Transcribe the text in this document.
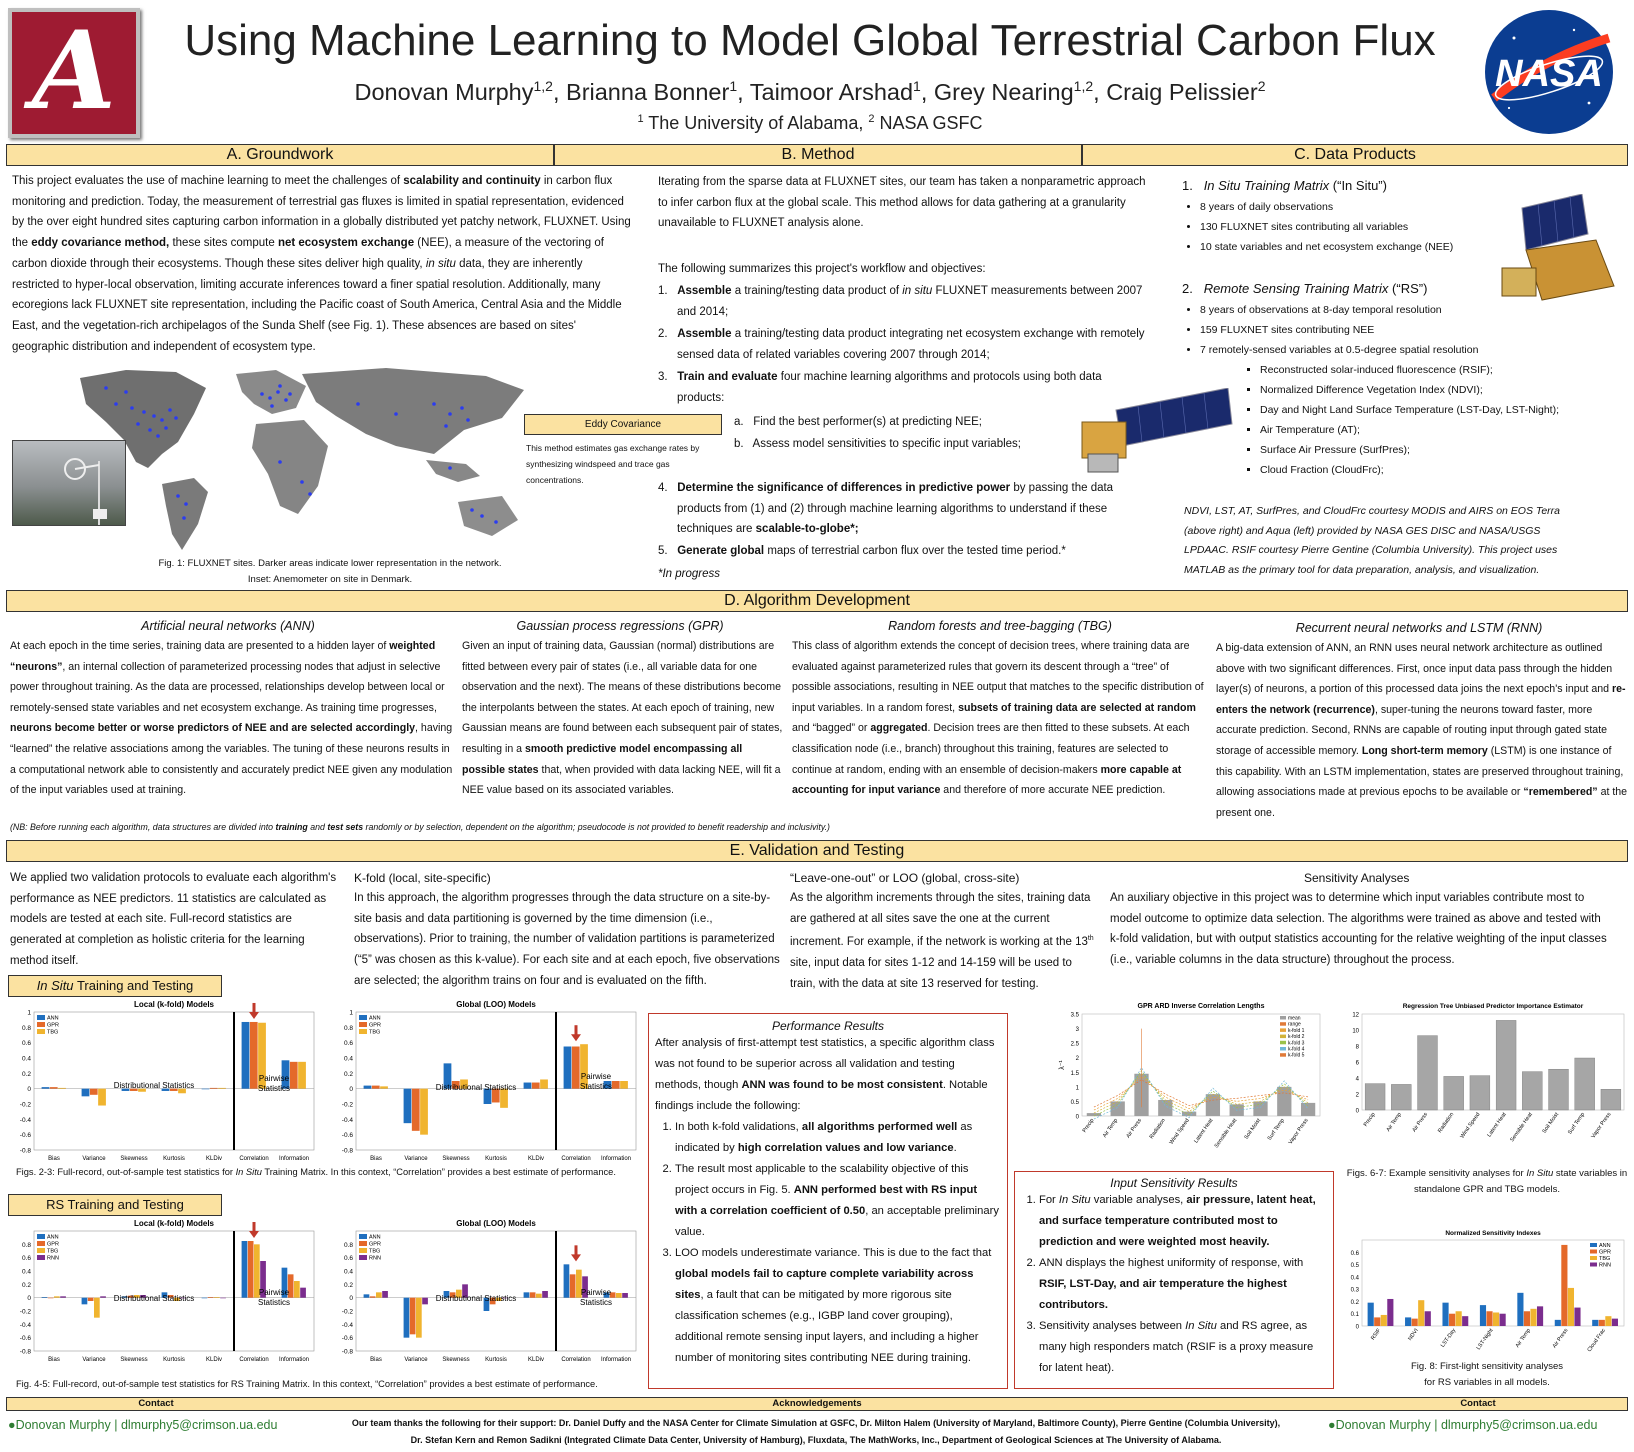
A	Using Machine Learning to Model Global Terrestrial Carbon Flux
Donovan Murphy$^{1,2}$, Brianna Bonner$^1$, Taimoor Arshad$^1$, Grey Nearing$^{1,2}$, Craig Pelissier$^2$
$^1$ The University of Alabama, $^2$ NASA GSFC
NASA
A. Groundwork	B. Method	C. Data Products
This project evaluates the use of machine learning to meet the challenges of scalability and continuity in carbon flux monitoring and prediction. Today, the measurement of terrestrial gas fluxes is limited in spatial representation, evidenced by the over eight hundred sites capturing carbon information in a globally distributed yet patchy network, FLUXNET. Using the eddy covariance method, these sites compute net ecosystem exchange (NEE), a measure of the vectoring of carbon dioxide through their ecosystems. Though these sites deliver high quality, in situ data, they are inherently restricted to hyper-local observation, limiting accurate inferences toward a finer spatial resolution. Additionally, many ecoregions lack FLUXNET site representation, including the Pacific coast of South America, Central Asia and the Middle East, and the vegetation-rich archipelagos of the Sunda Shelf (see Fig. 1). These absences are based on sites' geographic distribution and independent of ecosystem type.
Fig. 1: FLUXNET sites. Darker areas indicate lower representation in the network.
Inset: Anemometer on site in Denmark.
Eddy Covariance
This method estimates gas exchange rates by synthesizing windspeed and trace gas concentrations.
Iterating from the sparse data at FLUXNET sites, our team has taken a nonparametric approach to infer carbon flux at the global scale. This method allows for data gathering at a granularity unavailable to FLUXNET analysis alone.
The following summarizes this project's workflow and objectives:
1.   Assemble a training/testing data product of in situ FLUXNET measurements between 2007 and 2014;
2.   Assemble a training/testing data product integrating net ecosystem exchange with remotely sensed data of related variables covering 2007 through 2014;
3.   Train and evaluate four machine learning algorithms and protocols using both data products:
a.   Find the best performer(s) at predicting NEE;
b.   Assess model sensitivities to specific input variables;
4.   Determine the significance of differences in predictive power by passing the data products from (1) and (2) through machine learning algorithms to understand if these techniques are scalable-to-globe*;
5.   Generate global maps of terrestrial carbon flux over the tested time period.*
*In progress
1.   In Situ Training Matrix (“In Situ”)
• 8 years of daily observations
• 130 FLUXNET sites contributing all variables
• 10 state variables and net ecosystem exchange (NEE)
2.   Remote Sensing Training Matrix (“RS”)
• 8 years of observations at 8-day temporal resolution
• 159 FLUXNET sites contributing NEE
• 7 remotely-sensed variables at 0.5-degree spatial resolution
▪ Reconstructed solar-induced fluorescence (RSIF);
▪ Normalized Difference Vegetation Index (NDVI);
▪ Day and Night Land Surface Temperature (LST-Day, LST-Night);
▪ Air Temperature (AT);
▪ Surface Air Pressure (SurfPres);
▪ Cloud Fraction (CloudFrc);
NDVI, LST, AT, SurfPres, and CloudFrc courtesy MODIS and AIRS on EOS Terra (above right) and Aqua (left) provided by NASA GES DISC and NASA/USGS LPDAAC. RSIF courtesy Pierre Gentine (Columbia University). This project uses MATLAB as the primary tool for data preparation, analysis, and visualization.
D. Algorithm Development
Artificial neural networks (ANN)
At each epoch in the time series, training data are presented to a hidden layer of weighted “neurons”, an internal collection of parameterized processing nodes that adjust in selective power throughout training. As the data are processed, relationships develop between local or remotely-sensed state variables and net ecosystem exchange. As training time progresses, neurons become better or worse predictors of NEE and are selected accordingly, having “learned” the relative associations among the variables. The tuning of these neurons results in a computational network able to consistently and accurately predict NEE given any modulation of the input variables used at training.
Gaussian process regressions (GPR)
Given an input of training data, Gaussian (normal) distributions are fitted between every pair of states (i.e., all variable data for one observation and the next). The means of these distributions become the interpolants between the states. At each epoch of training, new Gaussian means are found between each subsequent pair of states, resulting in a smooth predictive model encompassing all possible states that, when provided with data lacking NEE, will fit a NEE value based on its associated variables.
Random forests and tree-bagging (TBG)
This class of algorithm extends the concept of decision trees, where training data are evaluated against parameterized rules that govern its descent through a “tree” of possible associations, resulting in NEE output that matches to the specific distribution of input variables. In a random forest, subsets of training data are selected at random and “bagged” or aggregated. Decision trees are then fitted to these subsets. At each classification node (i.e., branch) throughout this training, features are selected to continue at random, ending with an ensemble of decision-makers more capable at accounting for input variance and therefore of more accurate NEE prediction.
Recurrent neural networks and LSTM (RNN)
A big-data extension of ANN, an RNN uses neural network architecture as outlined above with two significant differences. First, once input data pass through the hidden layer(s) of neurons, a portion of this processed data joins the next epoch's input and re-enters the network (recurrence), super-tuning the neurons toward faster, more accurate prediction. Second, RNNs are capable of routing input through gated state storage of accessible memory. Long short-term memory (LSTM) is one instance of this capability. With an LSTM implementation, states are preserved throughout training, allowing associations made at previous epochs to be available or “remembered” at the present one.
(NB: Before running each algorithm, data structures are divided into training and test sets randomly or by selection, dependent on the algorithm; pseudocode is not provided to benefit readership and inclusivity.)
E. Validation and Testing
We applied two validation protocols to evaluate each algorithm's performance as NEE predictors. 11 statistics are calculated as models are tested at each site. Full-record statistics are generated at completion as holistic criteria for the learning method itself.
K-fold (local, site-specific)
In this approach, the algorithm progresses through the data structure on a site-by-site basis and data partitioning is governed by the time dimension (i.e., observations). Prior to training, the number of validation partitions is parameterized (“5” was chosen as this k-value). For each site and at each epoch, five observations are selected; the algorithm trains on four and is evaluated on the fifth.
“Leave-one-out” or LOO (global, cross-site)
As the algorithm increments through the sites, training data are gathered at all sites save the one at the current increment. For example, if the network is working at the 13th site, input data for sites 1-12 and 14-159 will be used to train, with the data at site 13 reserved for testing.
Sensitivity Analyses
An auxiliary objective in this project was to determine which input variables contribute most to model outcome to optimize data selection. The algorithms were trained as above and tested with k-fold validation, but with output statistics accounting for the relative weighting of the input classes (i.e., variable columns in the data structure) throughout the process.
In Situ Training and Testing
RS Training and Testing
Local (k-fold) Models
1
0.8
0.6
0.4
0.2
0
-0.2
-0.4
-0.6
-0.8
Bias	Variance Skewness	Kurtosis	KLDiv	Correlation Information
ANN
GPR
TBG
Distributional Statistics
Pairwise
Statistics
Global (LOO) Models
1
0.8
0.6
0.4
0.2
0
-0.2
-0.4
-0.6
-0.8
Bias	Variance Skewness	Kurtosis	KLDiv	Correlation Information
ANN
GPR
TBG
Distributional Statistics
Pairwise
Statistics
Local (k-fold) Models
0.8
0.6
0.4
0.2
0
-0.2
-0.4
-0.6
-0.8
Bias	Variance Skewness	Kurtosis	KLDiv	Correlation Information
ANN
GPR
TBG
RNN
Distributional Statistics
Pairwise
Statistics
Global (LOO) Models
0.8
0.6
0.4
0.2
0
-0.2
-0.4
-0.6
-0.8
Bias	Variance Skewness	Kurtosis	KLDiv	Correlation Information
ANN
GPR
TBG
RNN
Distributional Statistics
Pairwise
Statistics
Figs. 2-3: Full-record, out-of-sample test statistics for In Situ Training Matrix. In this context, “Correlation” provides a best estimate of performance.
Fig. 4-5: Full-record, out-of-sample test statistics for RS Training Matrix. In this context, “Correlation” provides a best estimate of performance.
Performance Results
After analysis of first-attempt test statistics, a specific algorithm class was not found to be superior across all validation and testing methods, though ANN was found to be most consistent. Notable findings include the following:
1. In both k-fold validations, all algorithms performed well as indicated by high correlation values and low variance.
2. The result most applicable to the scalability objective of this project occurs in Fig. 5. ANN performed best with RS input with a correlation coefficient of 0.50, an acceptable preliminary value.
3. LOO models underestimate variance. This is due to the fact that global models fail to capture complete variability across sites, a fault that can be mitigated by more rigorous site classification schemes (e.g., IGBP land cover grouping), additional remote sensing input layers, and including a higher number of monitoring sites contributing NEE during training.
Input Sensitivity Results
1. For In Situ variable analyses, air pressure, latent heat, and surface temperature contributed most to prediction and were weighted most heavily.
2. ANN displays the highest uniformity of response, with RSIF, LST-Day, and air temperature the highest contributors.
3. Sensitivity analyses between In Situ and RS agree, as many high responders match (RSIF is a proxy measure for latent heat).
GPR ARD Inverse Correlation Lengths
3.5
3
2.5
2
1.5
1
0.5
0
λ⁻¹
Precip Air Temp Air Press Radiation Wind Speed Latent Heat Sensible Heat Soil Moist Surf Temp Vapor Press
mean
range
k-fold 1
k-fold 2
k-fold 3
k-fold 4
k-fold 5
Regression Tree Unbiased Predictor Importance Estimator
12
10
8
6
4
2
0
Precip Air Temp Air Press Radiation Wind Speed Latent Heat Sensible Heat Soil Moist Surf Temp Vapor Press
Figs. 6-7: Example sensitivity analyses for In Situ state variables in standalone GPR and TBG models.
Normalized Sensitivity Indexes
0.6
0.5
0.4
0.3
0.2
0.1
0
RSIF	NDVI	LST-Day	LST-Night	Air Temp	Air Press	Cloud Frac
ANN
GPR
TBG
RNN
Fig. 8: First-light sensitivity analyses
for RS variables in all models.
Contact	Acknowledgements	Contact
●Donovan Murphy | dlmurphy5@crimson.ua.edu	Our team thanks the following for their support: Dr. Daniel Duffy and the NASA Center for Climate Simulation at GSFC, Dr. Milton Halem (University of Maryland, Baltimore County), Pierre Gentine (Columbia University),
Dr. Stefan Kern and Remon Sadikni (Integrated Climate Data Center, University of Hamburg), Fluxdata, The MathWorks, Inc., Department of Geological Sciences at The University of Alabama.
●Donovan Murphy | dlmurphy5@crimson.ua.edu
